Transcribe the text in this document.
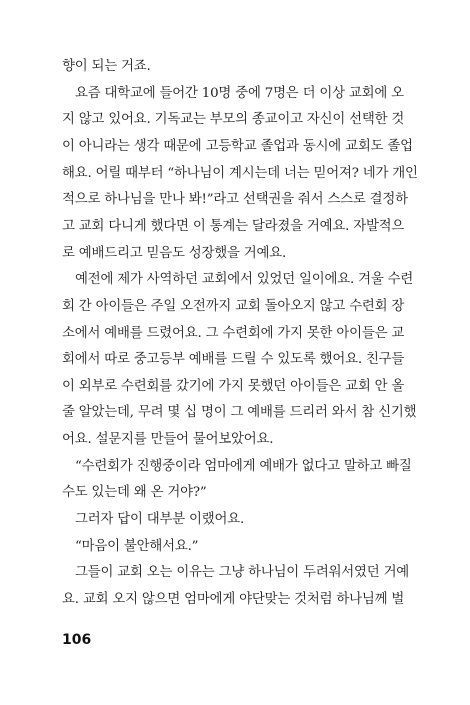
향이 되는 거죠.
요즘 대학교에 들어간 10명 중에 7명은 더 이상 교회에 오
지 않고 있어요. 기독교는 부모의 종교이고 자신이 선택한 것
이 아니라는 생각 때문에 고등학교 졸업과 동시에 교회도 졸업
해요. 어릴 때부터 “하나님이 계시는데 너는 믿어져? 네가 개인
적으로 하나님을 만나 봐!”라고 선택권을 줘서 스스로 결정하
고 교회 다니게 했다면 이 통계는 달라졌을 거예요. 자발적으
로 예배드리고 믿음도 성장했을 거예요.
예전에 제가 사역하던 교회에서 있었던 일이에요. 겨울 수련
회 간 아이들은 주일 오전까지 교회 돌아오지 않고 수련회 장
소에서 예배를 드렸어요. 그 수련회에 가지 못한 아이들은 교
회에서 따로 중고등부 예배를 드릴 수 있도록 했어요. 친구들
이 외부로 수련회를 갔기에 가지 못했던 아이들은 교회 안 올
줄 알았는데, 무려 몇 십 명이 그 예배를 드리러 와서 참 신기했
어요. 설문지를 만들어 물어보았어요.
“수련회가 진행중이라 엄마에게 예배가 없다고 말하고 빠질
수도 있는데 왜 온 거야?”
그러자 답이 대부분 이랬어요.
“마음이 불안해서요.”
그들이 교회 오는 이유는 그냥 하나님이 두려워서였던 거예
요. 교회 오지 않으면 엄마에게 야단맞는 것처럼 하나님께 벌
106
